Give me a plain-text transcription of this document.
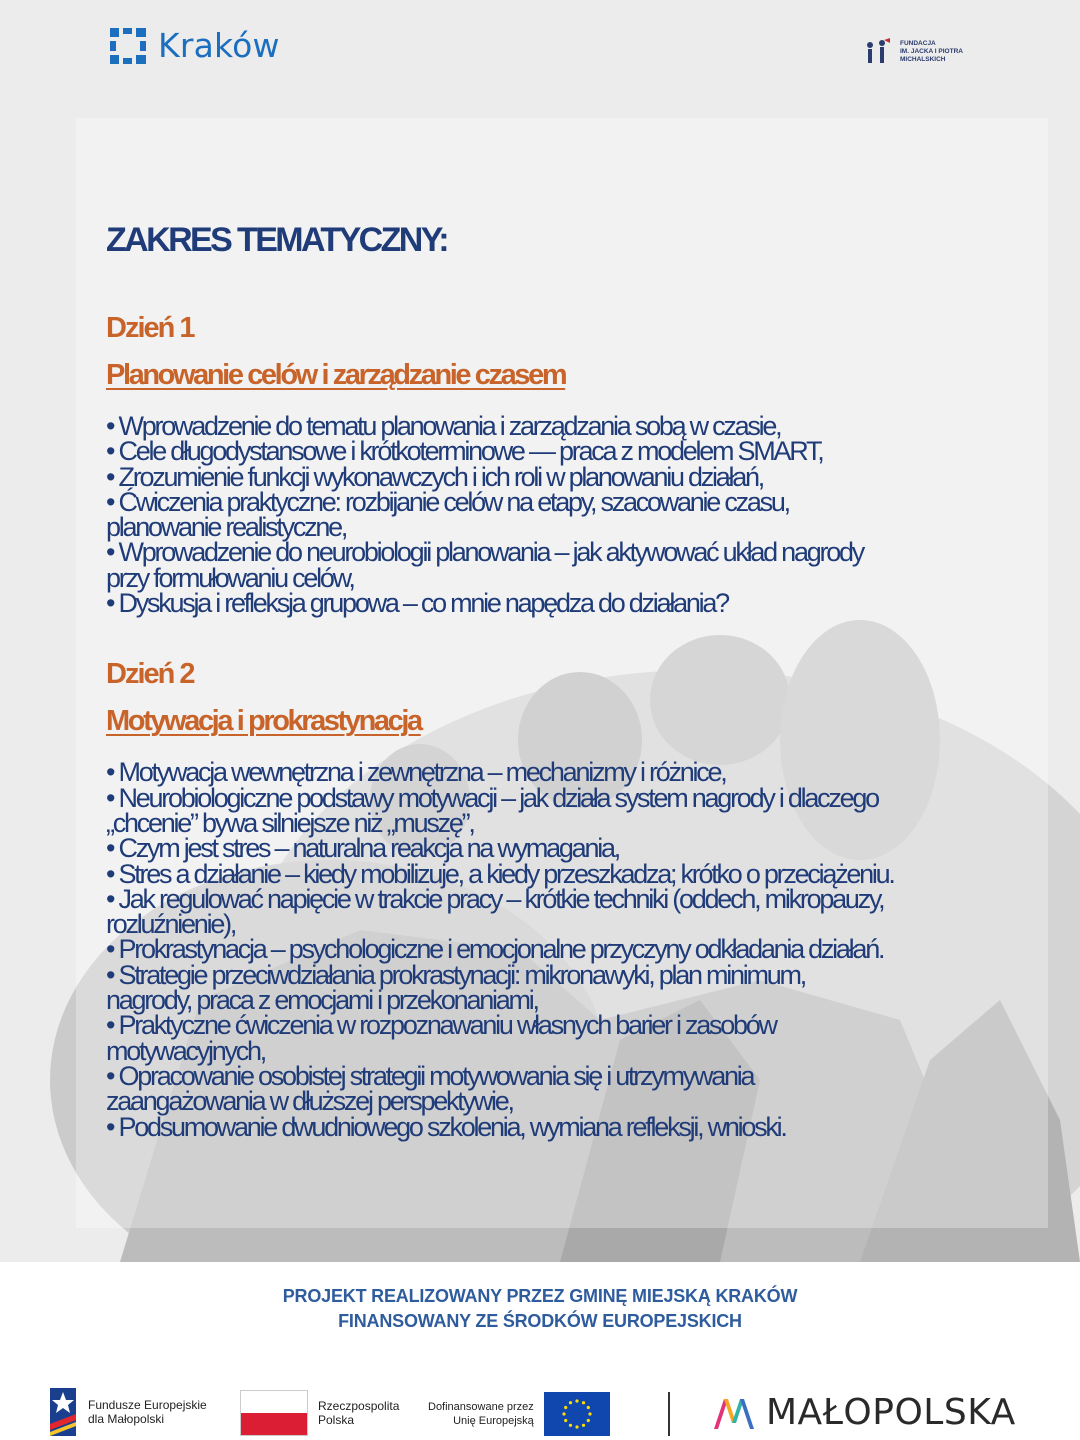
Kraków	FUNDACJA
IM. JACKA I PIOTRA
MICHALSKICH
ZAKRES TEMATYCZNY:
Dzień 1
Planowanie celów i zarządzanie czasem
• Wprowadzenie do tematu planowania i zarządzania sobą w czasie,
• Cele długodystansowe i krótkoterminowe — praca z modelem SMART,
• Zrozumienie funkcji wykonawczych i ich roli w planowaniu działań,
• Ćwiczenia praktyczne: rozbijanie celów na etapy, szacowanie czasu,
planowanie realistyczne,
• Wprowadzenie do neurobiologii planowania – jak aktywować układ nagrody
przy formułowaniu celów,
• Dyskusja i refleksja grupowa – co mnie napędza do działania?
Dzień 2
Motywacja i prokrastynacja
• Motywacja wewnętrzna i zewnętrzna – mechanizmy i różnice,
• Neurobiologiczne podstawy motywacji – jak działa system nagrody i dlaczego
„chcenie” bywa silniejsze niż „muszę”,
• Czym jest stres – naturalna reakcja na wymagania,
• Stres a działanie – kiedy mobilizuje, a kiedy przeszkadza; krótko o przeciążeniu.
• Jak regulować napięcie w trakcie pracy – krótkie techniki (oddech, mikropauzy,
rozluźnienie),
• Prokrastynacja – psychologiczne i emocjonalne przyczyny odkładania działań.
• Strategie przeciwdziałania prokrastynacji: mikronawyki, plan minimum,
nagrody, praca z emocjami i przekonaniami,
• Praktyczne ćwiczenia w rozpoznawaniu własnych barier i zasobów
motywacyjnych,
• Opracowanie osobistej strategii motywowania się i utrzymywania
zaangażowania w dłuższej perspektywie,
• Podsumowanie dwudniowego szkolenia, wymiana refleksji, wnioski.
PROJEKT REALIZOWANY PRZEZ GMINĘ MIEJSKĄ KRAKÓW
FINANSOWANY ZE ŚRODKÓW EUROPEJSKICH
Fundusze Europejskie
dla Małopolski
Rzeczpospolita
Polska
Dofinansowane przez
Unię Europejską	MAŁOPOLSKA
